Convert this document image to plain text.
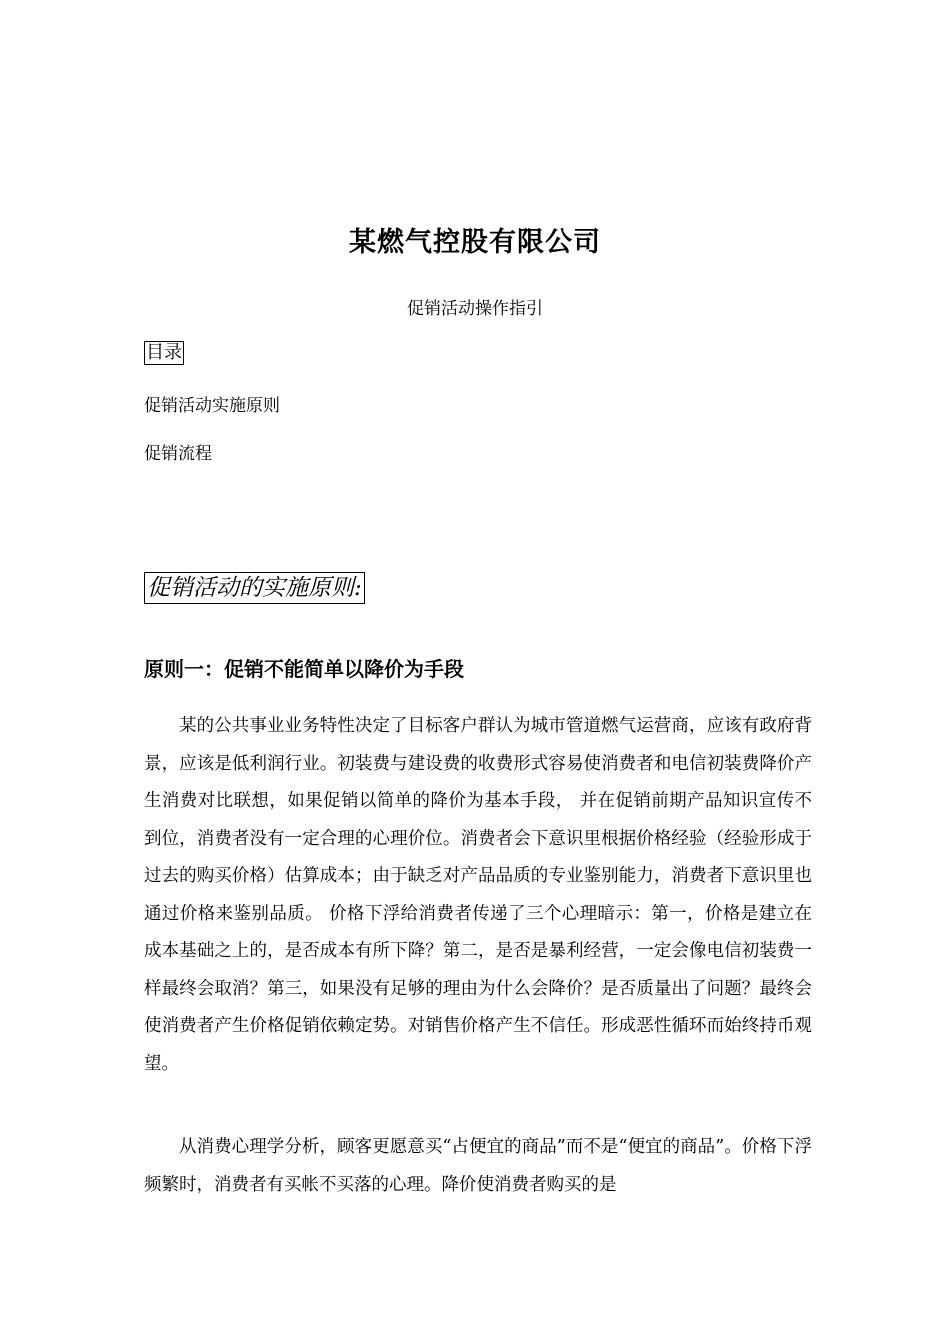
某燃气控股有限公司
促销活动操作指引
目录
促销活动实施原则
促销流程
促销活动的实施原则:
原则一：促销不能简单以降价为手段

某的公共事业业务特性决定了目标客户群认为城市管道燃气运营商，应该有政府背景，应该是低利润行业。初装费与建设费的收费形式容易使消费者和电信初装费降价产生消费对比联想，如果促销以简单的降价为基本手段， 并在促销前期产品知识宣传不到位，消费者没有一定合理的心理价位。消费者会下意识里根据价格经验（经验形成于过去的购买价格）估算成本；由于缺乏对产品品质的专业鉴别能力，消费者下意识里也通过价格来鉴别品质。 价格下浮给消费者传递了三个心理暗示：第一，价格是建立在成本基础之上的，是否成本有所下降？第二，是否是暴利经营，一定会像电信初装费一样最终会取消？第三，如果没有足够的理由为什么会降价？是否质量出了问题？最终会使消费者产生价格促销依赖定势。对销售价格产生不信任。形成恶性循环而始终持币观望。

从消费心理学分析，顾客更愿意买“占便宜的商品”而不是“便宜的商品”。价格下浮频繁时，消费者有买帐不买落的心理。降价使消费者购买的是
